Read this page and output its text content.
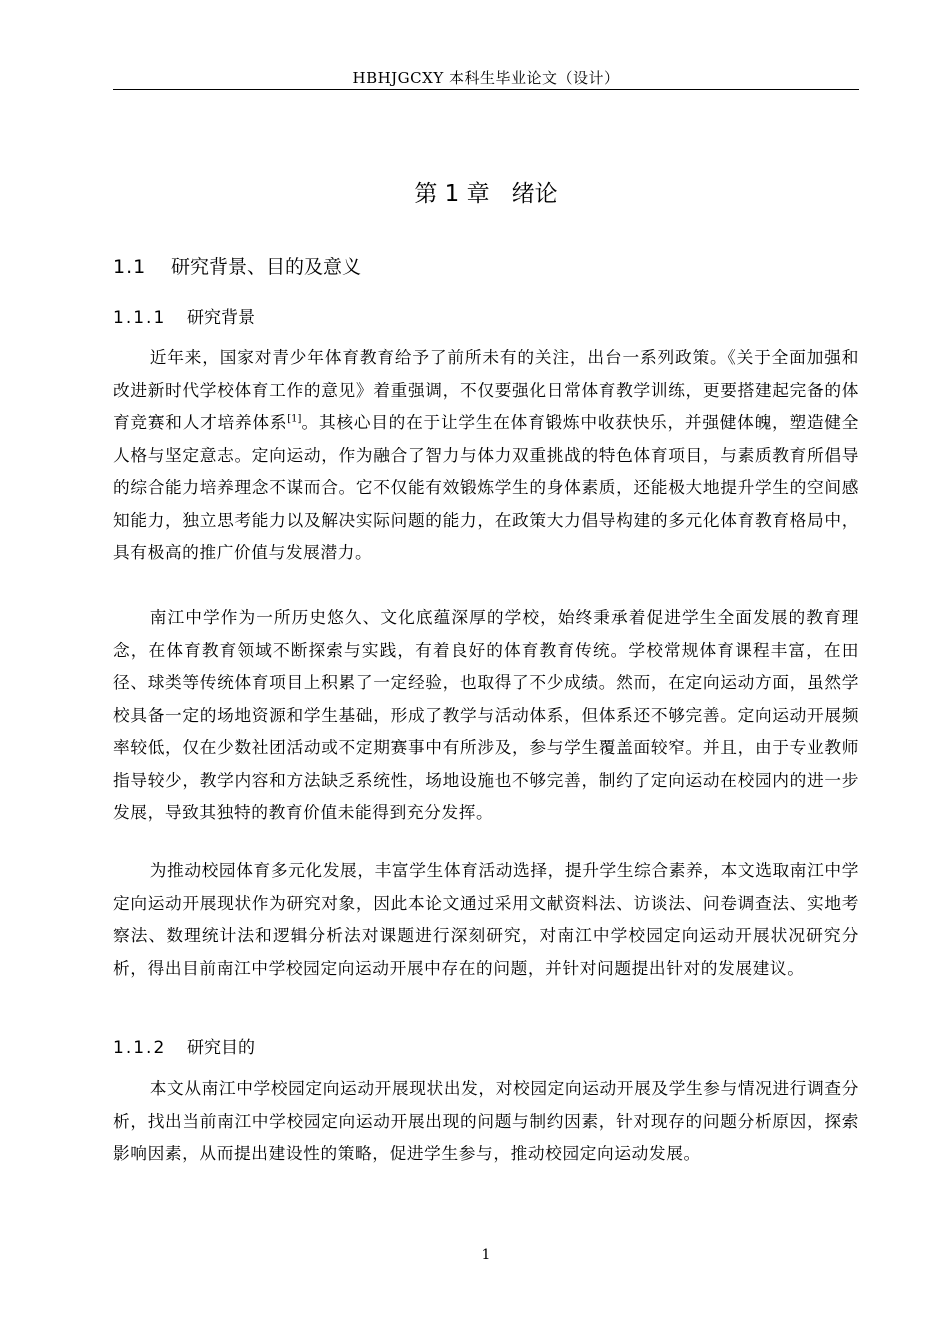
HBHJGCXY 本科生毕业论文（设计）
第 1 章 绪论
1.1 研究背景、目的及意义
1.1.1 研究背景

近年来，国家对青少年体育教育给予了前所未有的关注，出台一系列政策。《关于全面加强和改进新时代学校体育工作的意见》着重强调，不仅要强化日常体育教学训练，更要搭建起完备的体育竞赛和人才培养体系[1]。其核心目的在于让学生在体育锻炼中收获快乐，并强健体魄，塑造健全人格与坚定意志。定向运动，作为融合了智力与体力双重挑战的特色体育项目，与素质教育所倡导的综合能力培养理念不谋而合。它不仅能有效锻炼学生的身体素质，还能极大地提升学生的空间感知能力，独立思考能力以及解决实际问题的能力，在政策大力倡导构建的多元化体育教育格局中，具有极高的推广价值与发展潜力。

南江中学作为一所历史悠久、文化底蕴深厚的学校，始终秉承着促进学生全面发展的教育理念，在体育教育领域不断探索与实践，有着良好的体育教育传统。学校常规体育课程丰富，在田径、球类等传统体育项目上积累了一定经验，也取得了不少成绩。然而，在定向运动方面，虽然学校具备一定的场地资源和学生基础，形成了教学与活动体系，但体系还不够完善。定向运动开展频率较低，仅在少数社团活动或不定期赛事中有所涉及，参与学生覆盖面较窄。并且，由于专业教师指导较少，教学内容和方法缺乏系统性，场地设施也不够完善，制约了定向运动在校园内的进一步发展，导致其独特的教育价值未能得到充分发挥。

为推动校园体育多元化发展，丰富学生体育活动选择，提升学生综合素养，本文选取南江中学定向运动开展现状作为研究对象，因此本论文通过采用文献资料法、访谈法、问卷调查法、实地考察法、数理统计法和逻辑分析法对课题进行深刻研究，对南江中学校园定向运动开展状况研究分析，得出目前南江中学校园定向运动开展中存在的问题，并针对问题提出针对的发展建议。

1.1.2 研究目的

本文从南江中学校园定向运动开展现状出发，对校园定向运动开展及学生参与情况进行调查分析，找出当前南江中学校园定向运动开展出现的问题与制约因素，针对现存的问题分析原因，探索影响因素，从而提出建设性的策略，促进学生参与，推动校园定向运动发展。

1
